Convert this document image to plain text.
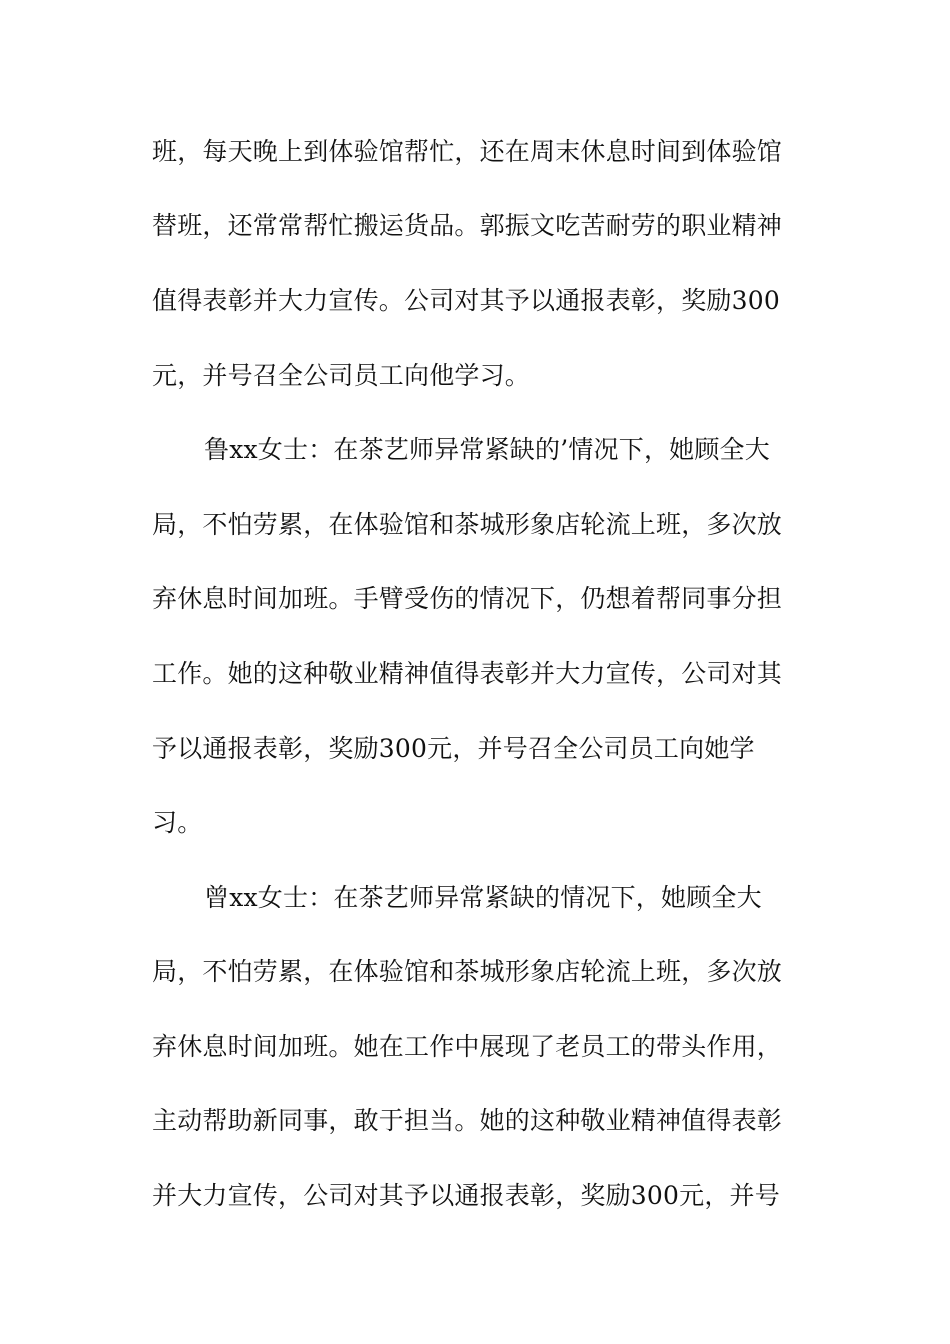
班，每天晚上到体验馆帮忙，还在周末休息时间到体验馆

替班，还常常帮忙搬运货品。郭振文吃苦耐劳的职业精神

值得表彰并大力宣传。公司对其予以通报表彰，奖励300

元，并号召全公司员工向他学习。

鲁xx女士：在茶艺师异常紧缺的’情况下，她顾全大

局，不怕劳累，在体验馆和茶城形象店轮流上班，多次放

弃休息时间加班。手臂受伤的情况下，仍想着帮同事分担

工作。她的这种敬业精神值得表彰并大力宣传，公司对其

予以通报表彰，奖励300元，并号召全公司员工向她学

习。

曾xx女士：在茶艺师异常紧缺的情况下，她顾全大

局，不怕劳累，在体验馆和茶城形象店轮流上班，多次放

弃休息时间加班。她在工作中展现了老员工的带头作用，

主动帮助新同事，敢于担当。她的这种敬业精神值得表彰

并大力宣传，公司对其予以通报表彰，奖励300元，并号
